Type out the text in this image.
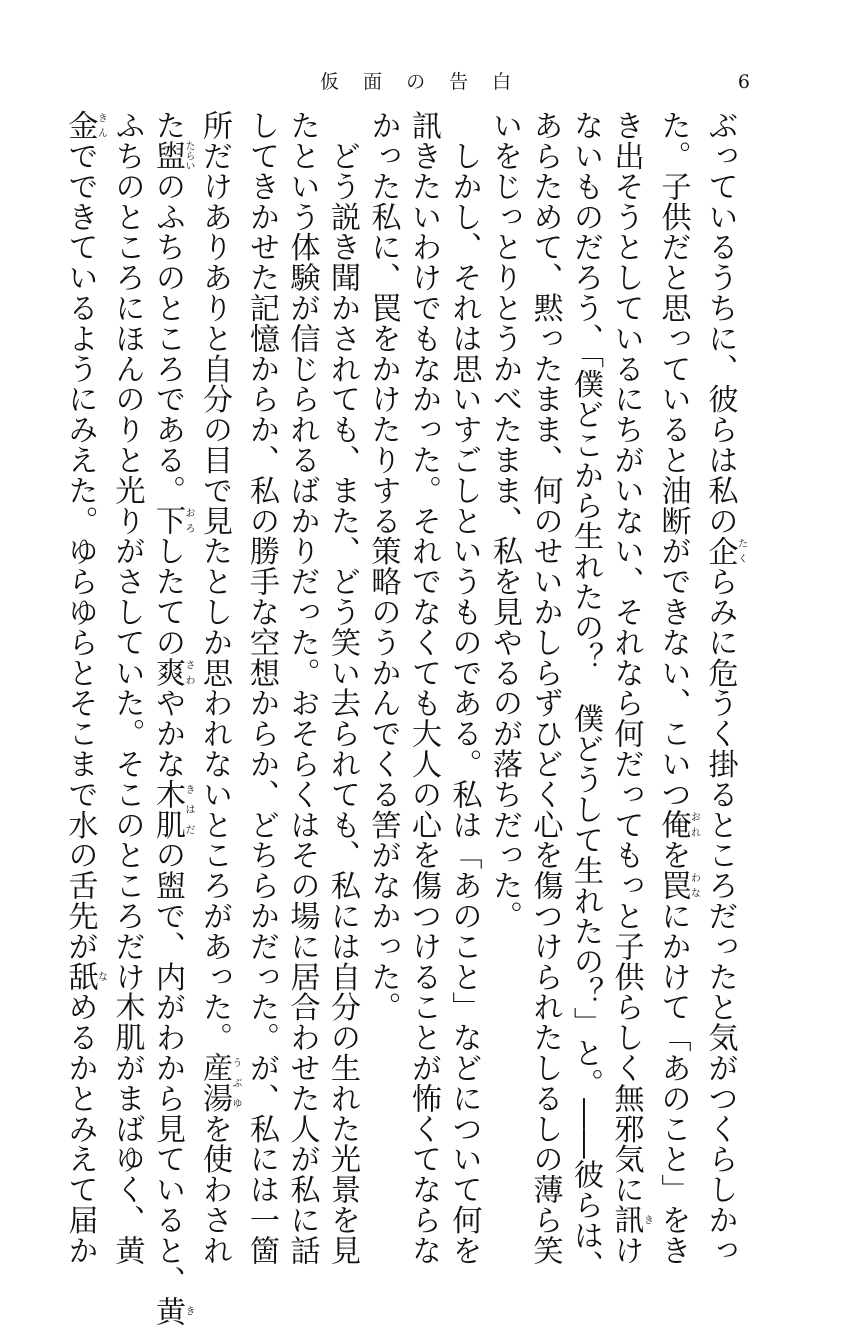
仮 面 の 告 白	6
ぶっているうちに、彼らは私の企たくらみに危うく掛るところだったと気がつくらしかっ
た。子供だと思っていると油断ができない、こいつ俺おれを罠わなにかけて「あのこと」をき
き出そうとしているにちがいない、それなら何だってもっと子供らしく無邪気に訊きけ
ないものだろう、「僕どこから生れたの？　僕どうして生れたの？」と。――彼らは、
あらためて、黙ったまま、何のせいかしらずひどく心を傷つけられたしるしの薄ら笑
いをじっとりとうかべたまま、私を見やるのが落ちだった。
　しかし、それは思いすごしというものである。私は「あのこと」などについて何を
訊きたいわけでもなかった。それでなくても大人の心を傷つけることが怖くてならな
かった私に、罠をかけたりする策略のうかんでくる筈がなかった。
　どう説き聞かされても、また、どう笑い去られても、私には自分の生れた光景を見
たという体験が信じられるばかりだった。おそらくはその場に居合わせた人が私に話
してきかせた記憶からか、私の勝手な空想からか、どちらかだった。が、私には一箇
所だけありありと自分の目で見たとしか思われないところがあった。産湯うぶゆを使わされ
た盥たらいのふちのところである。下おろしたての爽さわやかな木肌きはだの盥で、内がわから見ていると、黄き
ふちのところにほんのりと光りがさしていた。そこのところだけ木肌がまばゆく、黄
金きんでできているようにみえた。ゆらゆらとそこまで水の舌先が舐なめるかとみえて届か
